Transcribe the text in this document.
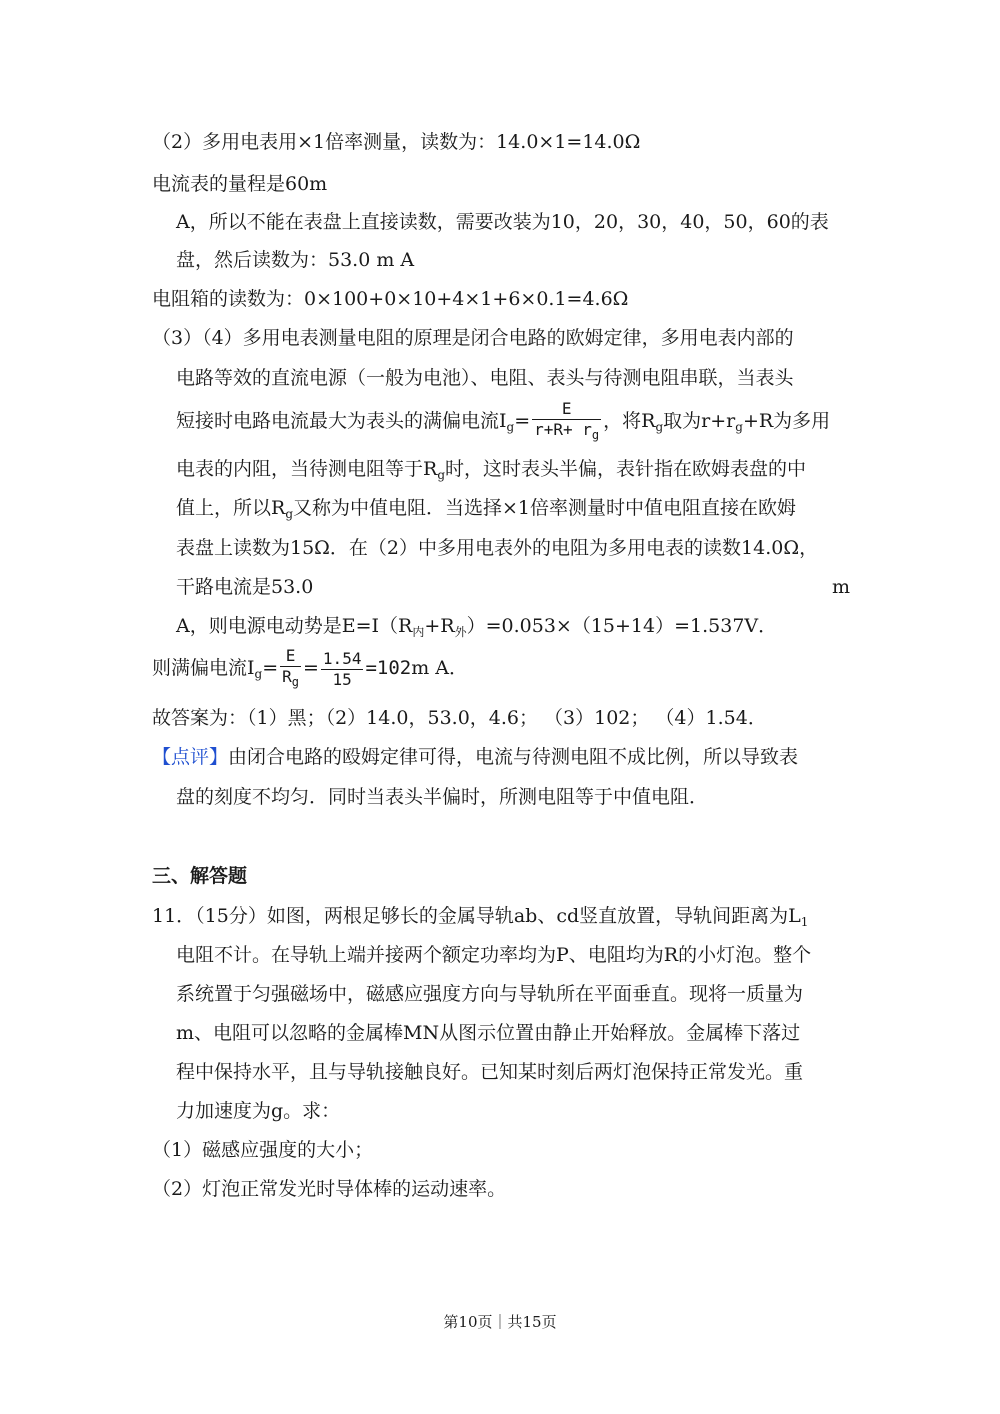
（2）多用电表用×1倍率测量，读数为：14.0×1=14.0Ω
电流表的量程是60m
A，所以不能在表盘上直接读数，需要改装为10，20，30，40，50，60的表
盘，然后读数为：53.0 m A
电阻箱的读数为：0×100+0×10+4×1+6×0.1=4.6Ω
（3）（4）多用电表测量电阻的原理是闭合电路的欧姆定律，多用电表内部的
电路等效的直流电源（一般为电池）、电阻、表头与待测电阻串联，当表头
短接时电路电流最大为表头的满偏电流$I_g= \frac{E}{r+R+ r_g}$ ，将$R_g$取为$r+r_g+R$为多用
电表的内阻，当待测电阻等于$R_g$时，这时表头半偏，表针指在欧姆表盘的中
值上，所以$R_g$又称为中值电阻．当选择×1倍率测量时中值电阻直接在欧姆
表盘上读数为15Ω．在（2）中多用电表外的电阻为多用电表的读数14.0Ω，
干路电流是53.0	m
A，则电源电动势是$E=I(R_内+R_外)=0.053\times(15+14)=1.537V$．
则满偏电流$I_g= \frac{E}{R_g} = \frac{1.54}{15} =102m$ A．
故答案为：（1）黑；（2）14.0，53.0，4.6； （3）102； （4）1.54．
【点评】由闭合电路的殴姆定律可得，电流与待测电阻不成比例，所以导致表
盘的刻度不均匀．同时当表头半偏时，所测电阻等于中值电阻．
三、解答题
11．（15分）如图，两根足够长的金属导轨ab、cd竖直放置，导轨间距离为$L_1$
电阻不计。在导轨上端并接两个额定功率均为P、电阻均为R的小灯泡。整个
系统置于匀强磁场中，磁感应强度方向与导轨所在平面垂直。现将一质量为
m、电阻可以忽略的金属棒MN从图示位置由静止开始释放。金属棒下落过
程中保持水平，且与导轨接触良好。已知某时刻后两灯泡保持正常发光。重
力加速度为g。求：
（1）磁感应强度的大小；
（2）灯泡正常发光时导体棒的运动速率。
第10页｜共15页
